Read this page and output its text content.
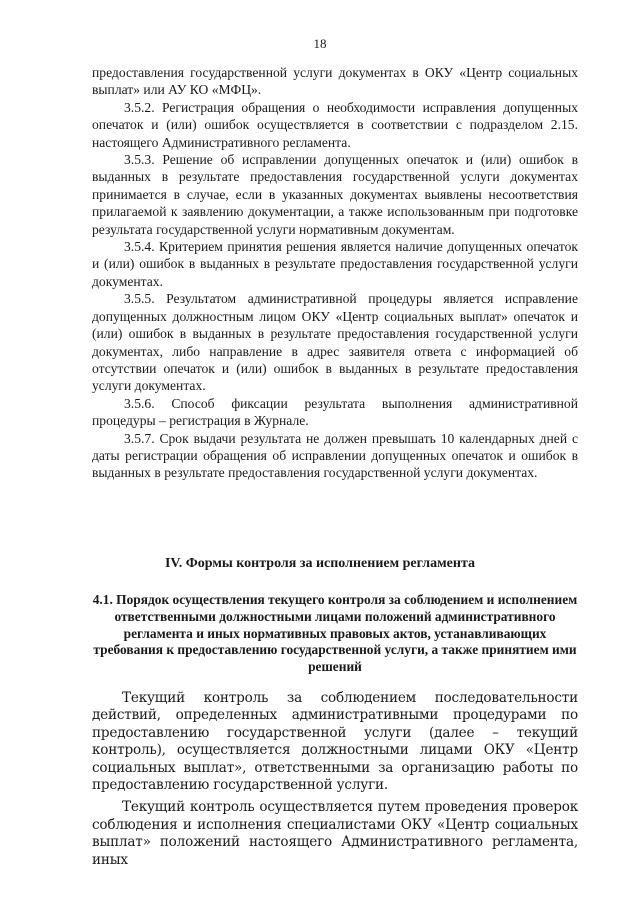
18

предоставления государственной услуги документах в ОКУ «Центр социальных выплат» или АУ КО «МФЦ».

3.5.2. Регистрация обращения о необходимости исправления допущенных опечаток и (или) ошибок осуществляется в соответствии с подразделом 2.15. настоящего Административного регламента.

3.5.3. Решение об исправлении допущенных опечаток и (или) ошибок в выданных в результате предоставления государственной услуги документах принимается в случае, если в указанных документах выявлены несоответствия прилагаемой к заявлению документации, а также использованным при подготовке результата государственной услуги нормативным документам.

3.5.4. Критерием принятия решения является наличие допущенных опечаток и (или) ошибок в выданных в результате предоставления государственной услуги документах.

3.5.5. Результатом административной процедуры является исправление допущенных должностным лицом ОКУ «Центр социальных выплат» опечаток и (или) ошибок в выданных в результате предоставления государственной услуги документах, либо направление в адрес заявителя ответа с информацией об отсутствии опечаток и (или) ошибок в выданных в результате предоставления услуги документах.

3.5.6. Способ фиксации результата выполнения административной процедуры – регистрация в Журнале.

3.5.7. Срок выдачи результата не должен превышать 10 календарных дней с даты регистрации обращения об исправлении допущенных опечаток и ошибок в выданных в результате предоставления государственной услуги документах.

IV. Формы контроля за исполнением регламента
4.1. Порядок осуществления текущего контроля за соблюдением и исполнением ответственными должностными лицами положений административного регламента и иных нормативных правовых актов, устанавливающих требования к предоставлению государственной услуги, а также принятием ими решений

Текущий контроль за соблюдением последовательности действий, определенных административными процедурами по предоставлению государственной услуги (далее – текущий контроль), осуществляется должностными лицами ОКУ «Центр социальных выплат», ответственными за организацию работы по предоставлению государственной услуги.

Текущий контроль осуществляется путем проведения проверок соблюдения и исполнения специалистами ОКУ «Центр социальных выплат» положений настоящего Административного регламента, иных
